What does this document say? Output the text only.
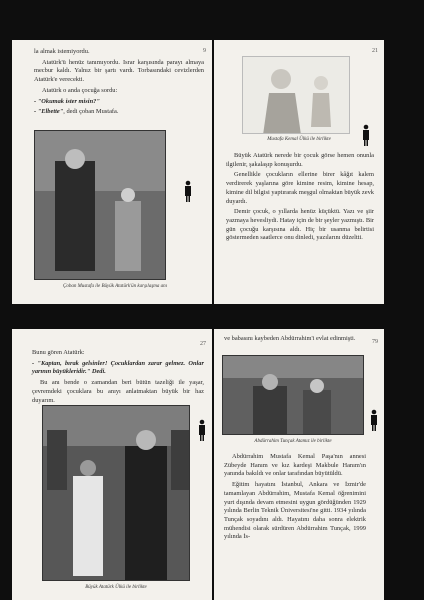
la almak istemiyordu.

Atatürk'ü henüz tanımıyordu. Israr karşısında parayı almaya mecbur kaldı. Yalnız bir şartı vardı. Torbasındaki cevizlerden Atatürk'e verecekti.

Atatürk o anda çocuğa sordu:

- "Okumak ister misin?"

- "Elbette", dedi çoban Mustafa.

9
Çoban Mustafa ile Büyük Atatürk'ün karşılaşma anı
21
Mustafa Kemal Ülkü ile birlikte

Büyük Atatürk nerede bir çocuk görse hemen onunla ilgilenir, şakalaşıp konuşurdu.

Genellikle çocukların ellerine birer kâğıt kalem verdirerek yaşlarına göre kimine resim, kimine hesap, kimine dil bilgisi yaptırarak meşgul olmaktan büyük zevk duyardı.

Demir çocuk, o yıllarda henüz küçüktü. Yazı ve şiir yazmaya hevesliydi. Hatay için de bir şeyler yazmıştı. Bir gün çocuğu karşısına aldı. Hiç bir usanma belirtisi göstermeden saatlerce onu dinledi, yazılarını düzeltti.

27

Bunu gören Atatürk:

- "Kaptan, bırak gelsinler! Çocuklardan zarar gelmez. Onlar yarının büyükleridir." Dedi.

Bu anı bende o zamandan beri bütün tazeliği ile yaşar, çevremdeki çocuklara bu anıyı anlatmaktan büyük bir haz duyarım.

Büyük Atatürk Ülkü ile birlikte
79

ve babasını kaybeden Abdürrahim'i evlat edinmişti.

Abdürrahim Tunçak Atamız ile birlikte

Abdürrahim Mustafa Kemal Paşa'nın annesi Zübeyde Hanım ve kız kardeşi Makbule Hanım'ın yanında bakıldı ve onlar tarafından büyütüldü.

Eğitim hayatını İstanbul, Ankara ve İzmir'de tamamlayan Abdürrahim, Mustafa Kemal öğrenimini yurt dışında devam etmesini uygun gördüğünden 1929 yılında Berlin Teknik Üniversitesi'ne gitti. 1934 yılında Tunçak soyadını aldı. Hayatını daha sonra elektrik mühendisi olarak sürdüren Abdürrahim Tunçak, 1999 yılında İs-
